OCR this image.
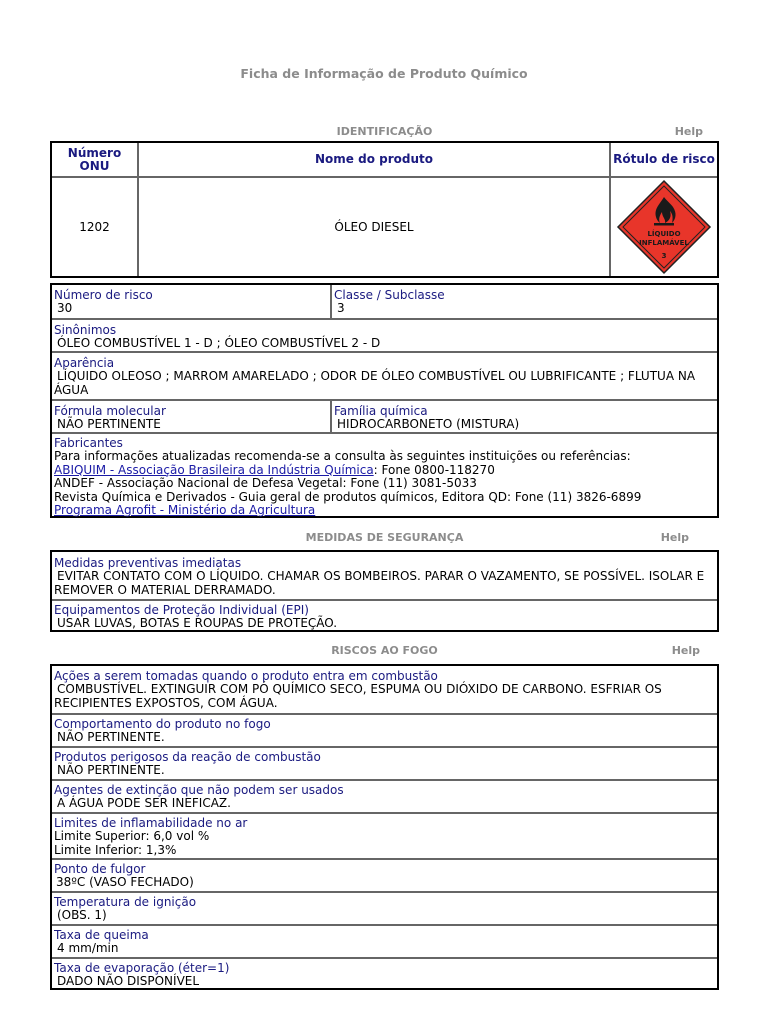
Ficha de Informação de Produto Químico
IDENTIFICAÇÃO	Help
Número ONU	Nome do produto	Rótulo de risco
1202	ÓLEO DIESEL	LÍQUIDO
INFLAMÁVEL
3
Número de risco
30
Classe / Subclasse
3
Sinônimos
ÓLEO COMBUSTÍVEL 1 - D ; ÓLEO COMBUSTÍVEL 2 - D
Aparência
LÍQUIDO OLEOSO ; MARROM AMARELADO ; ODOR DE ÓLEO COMBUSTÍVEL OU LUBRIFICANTE ; FLUTUA NA ÁGUA
Fórmula molecular
NÃO PERTINENTE
Família química
HIDROCARBONETO (MISTURA)
Fabricantes
Para informações atualizadas recomenda-se a consulta às seguintes instituições ou referências:
ABIQUIM - Associação Brasileira da Indústria Química: Fone 0800-118270
ANDEF - Associação Nacional de Defesa Vegetal: Fone (11) 3081-5033
Revista Química e Derivados - Guia geral de produtos químicos, Editora QD: Fone (11) 3826-6899
Programa Agrofit - Ministério da Agricultura
MEDIDAS DE SEGURANÇA	Help
Medidas preventivas imediatas
EVITAR CONTATO COM O LÍQUIDO. CHAMAR OS BOMBEIROS. PARAR O VAZAMENTO, SE POSSÍVEL. ISOLAR E REMOVER O MATERIAL DERRAMADO.
Equipamentos de Proteção Individual (EPI)
USAR LUVAS, BOTAS E ROUPAS DE PROTEÇÃO.
RISCOS AO FOGO	Help
Ações a serem tomadas quando o produto entra em combustão
COMBUSTÍVEL. EXTINGUIR COM PÓ QUÍMICO SECO, ESPUMA OU DIÓXIDO DE CARBONO. ESFRIAR OS RECIPIENTES EXPOSTOS, COM ÁGUA.
Comportamento do produto no fogo
NÃO PERTINENTE.
Produtos perigosos da reação de combustão
NÃO PERTINENTE.
Agentes de extinção que não podem ser usados
A ÁGUA PODE SER INEFICAZ.
Limites de inflamabilidade no ar
Limite Superior: 6,0 vol %
Limite Inferior: 1,3%
Ponto de fulgor
38ºC (VASO FECHADO)
Temperatura de ignição
(OBS. 1)
Taxa de queima
4 mm/min
Taxa de evaporação (éter=1)
DADO NÃO DISPONÍVEL
